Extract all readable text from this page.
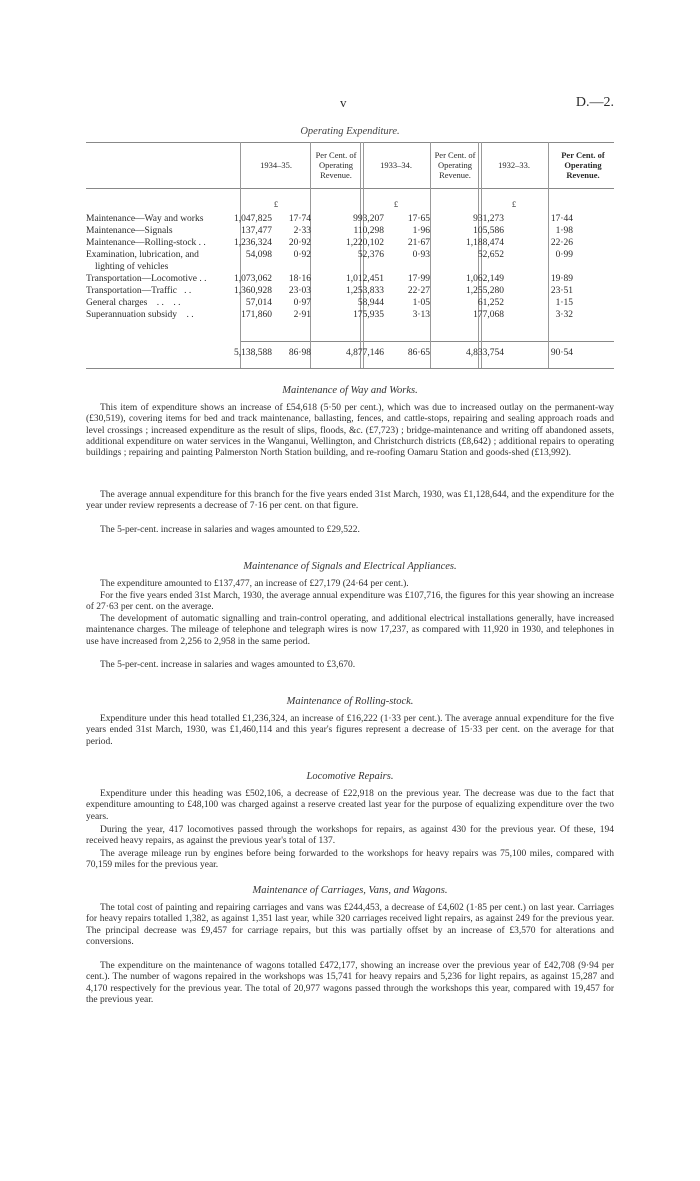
v	D.—2.
Operating Expenditure.
1934–35.
Per Cent. of Operating Revenue.
1933–34.
Per Cent. of Operating Revenue.
1932–33.
Per Cent. of Operating Revenue.
£	£	£
Maintenance—Way and works	1,047,825 17·74	993,207	17·65	931,273	17·44
Maintenance—Signals	137,477 2·33	110,298	1·96	105,586	1·98
Maintenance—Rolling-stock . .	1,236,324 20·92	1,220,102	21·67	1,188,474	22·26
Examination, lubrication, and	54,098 0·92	52,376	0·93	52,652	0·99
lighting of vehicles
Transportation—Locomotive . .	1,073,062 18·16	1,012,451	17·99	1,062,149	19·89
Transportation—Traffic   . .	1,360,928 23·03	1,253,833	22·27	1,255,280	23·51
General charges    . .    . .	57,014 0·97	58,944	1·05	61,252	1·15
Superannuation subsidy    . .	171,860 2·91	175,935	3·13	177,068	3·32
5,138,588 86·98	4,877,146	86·65	4,833,754	90·54
Maintenance of Way and Works.

This item of expenditure shows an increase of £54,618 (5·50 per cent.), which was due to increased outlay on the permanent-way (£30,519), covering items for bed and track maintenance, ballasting, fences, and cattle-stops, repairing and sealing approach roads and level crossings ; increased expenditure as the result of slips, floods, &c. (£7,723) ; bridge-maintenance and writing off abandoned assets, additional expenditure on water services in the Wanganui, Wellington, and Christchurch districts (£8,642) ; additional repairs to operating buildings ; repairing and painting Palmerston North Station building, and re-roofing Oamaru Station and goods-shed (£13,992).

The average annual expenditure for this branch for the five years ended 31st March, 1930, was £1,128,644, and the expenditure for the year under review represents a decrease of 7·16 per cent. on that figure.

The 5-per-cent. increase in salaries and wages amounted to £29,522.

Maintenance of Signals and Electrical Appliances.

The expenditure amounted to £137,477, an increase of £27,179 (24·64 per cent.).

For the five years ended 31st March, 1930, the average annual expenditure was £107,716, the figures for this year showing an increase of 27·63 per cent. on the average.

The development of automatic signalling and train-control operating, and additional electrical installations generally, have increased maintenance charges. The mileage of telephone and telegraph wires is now 17,237, as compared with 11,920 in 1930, and telephones in use have increased from 2,256 to 2,958 in the same period.

The 5-per-cent. increase in salaries and wages amounted to £3,670.

Maintenance of Rolling-stock.

Expenditure under this head totalled £1,236,324, an increase of £16,222 (1·33 per cent.). The average annual expenditure for the five years ended 31st March, 1930, was £1,460,114 and this year's figures represent a decrease of 15·33 per cent. on the average for that period.

Locomotive Repairs.

Expenditure under this heading was £502,106, a decrease of £22,918 on the previous year. The decrease was due to the fact that expenditure amounting to £48,100 was charged against a reserve created last year for the purpose of equalizing expenditure over the two years.

During the year, 417 locomotives passed through the workshops for repairs, as against 430 for the previous year. Of these, 194 received heavy repairs, as against the previous year's total of 137.

The average mileage run by engines before being forwarded to the workshops for heavy repairs was 75,100 miles, compared with 70,159 miles for the previous year.

Maintenance of Carriages, Vans, and Wagons.

The total cost of painting and repairing carriages and vans was £244,453, a decrease of £4,602 (1·85 per cent.) on last year. Carriages for heavy repairs totalled 1,382, as against 1,351 last year, while 320 carriages received light repairs, as against 249 for the previous year. The principal decrease was £9,457 for carriage repairs, but this was partially offset by an increase of £3,570 for alterations and conversions.

The expenditure on the maintenance of wagons totalled £472,177, showing an increase over the previous year of £42,708 (9·94 per cent.). The number of wagons repaired in the workshops was 15,741 for heavy repairs and 5,236 for light repairs, as against 15,287 and 4,170 respectively for the previous year. The total of 20,977 wagons passed through the workshops this year, compared with 19,457 for the previous year.
